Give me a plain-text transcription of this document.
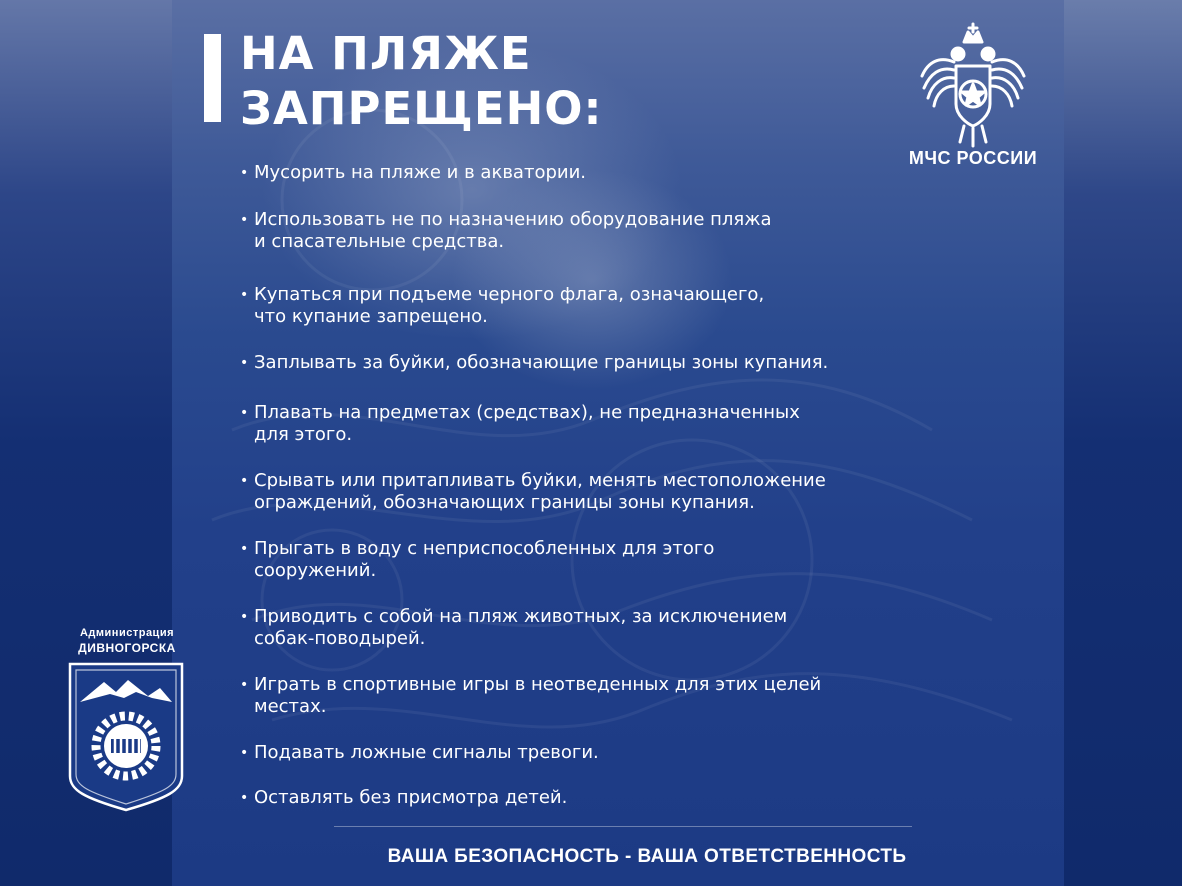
НА ПЛЯЖЕ
ЗАПРЕЩЕНО:
МЧС РОССИИ
• Мусорить на пляже и в акватории.
• Использовать не по назначению оборудование пляжа
и спасательные средства.
• Купаться при подъеме черного флага, означающего,
что купание запрещено.
• Заплывать за буйки, обозначающие границы зоны купания.
• Плавать на предметах (средствах), не предназначенных
для этого.
• Срывать или притапливать буйки, менять местоположение
ограждений, обозначающих границы зоны купания.
• Прыгать в воду с неприспособленных для этого
сооружений.
• Приводить с собой на пляж животных, за исключением
собак-поводырей.
• Играть в спортивные игры в неотведенных для этих целей
местах.
• Подавать ложные сигналы тревоги.
• Оставлять без присмотра детей.
ВАША БЕЗОПАСНОСТЬ - ВАША ОТВЕТСТВЕННОСТЬ
Администрация
ДИВНОГОРСКА
